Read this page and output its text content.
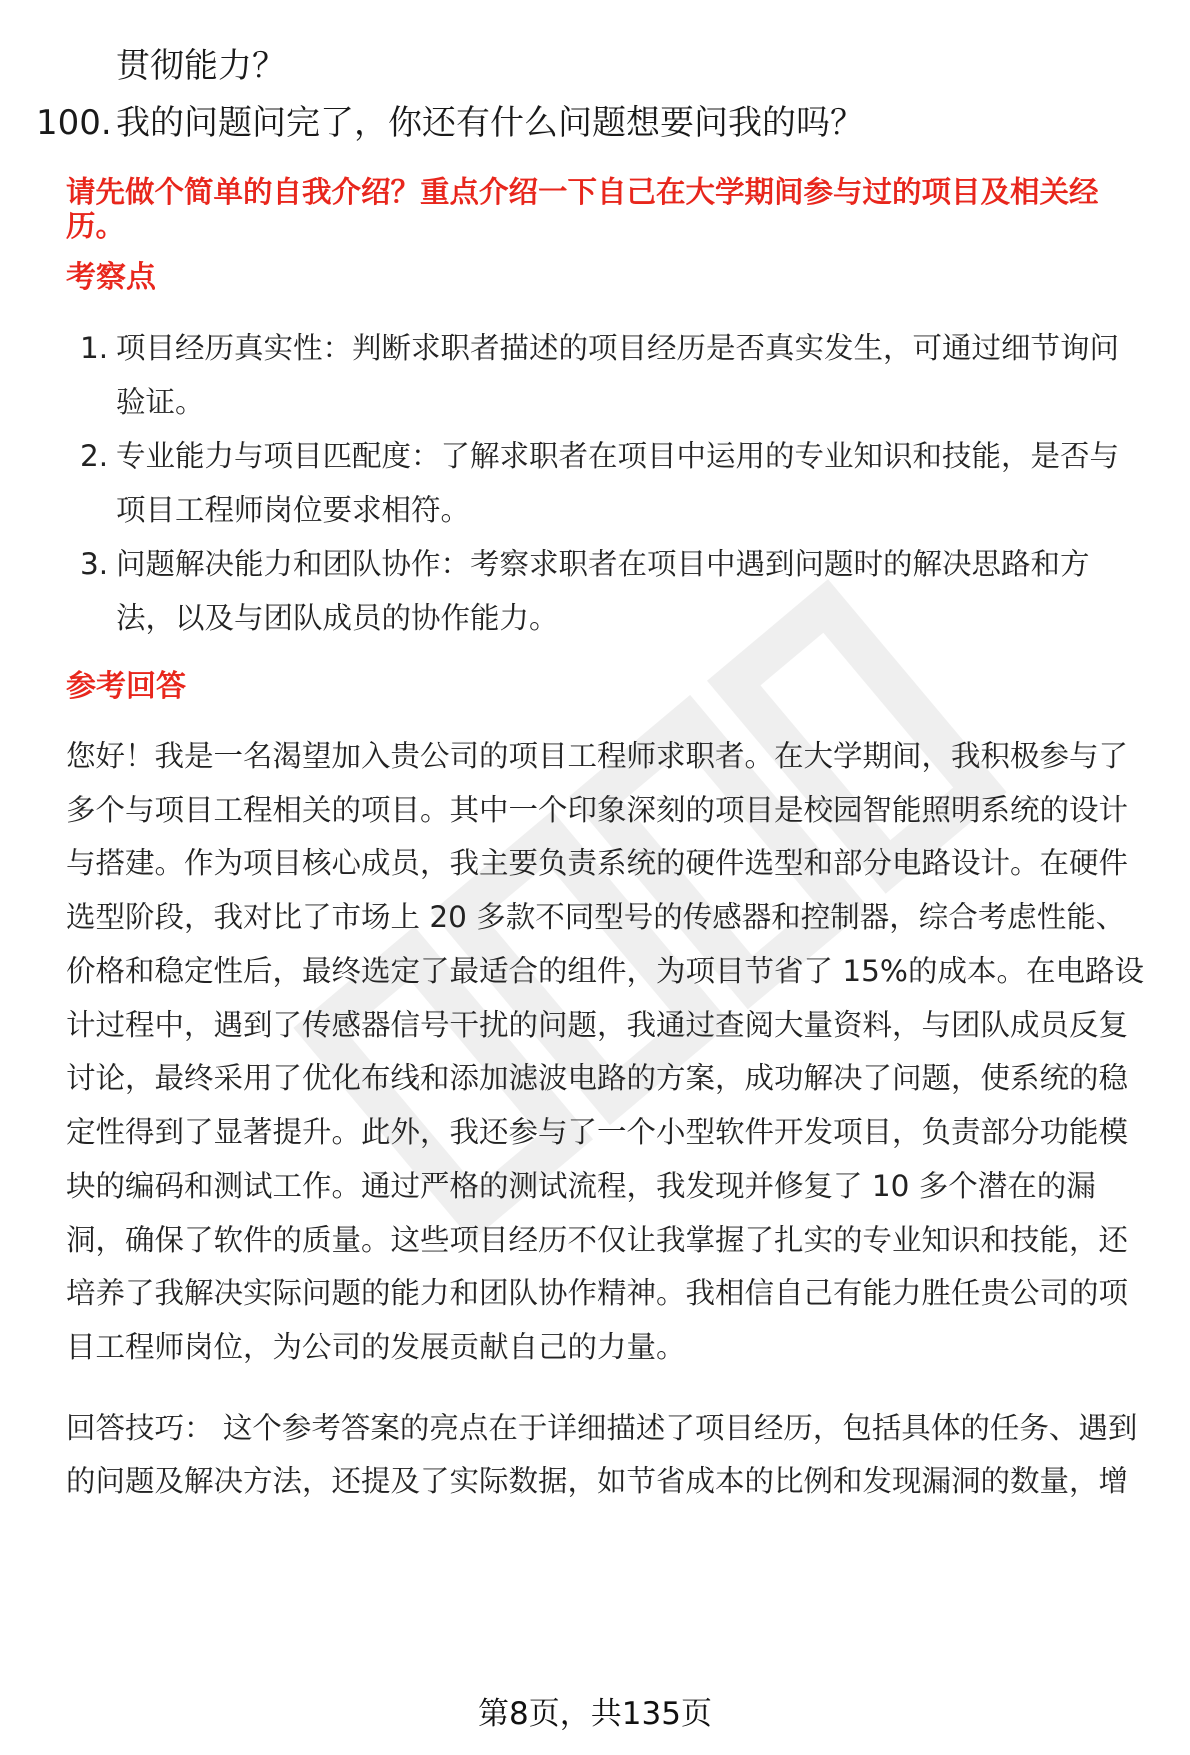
贯彻能力？
100. 我的问题问完了，你还有什么问题想要问我的吗？
请先做个简单的自我介绍？重点介绍一下自己在大学期间参与过的项目及相关经
历。
考察点
1. 项目经历真实性：判断求职者描述的项目经历是否真实发生，可通过细节询问
验证。
2. 专业能力与项目匹配度：了解求职者在项目中运用的专业知识和技能，是否与
项目工程师岗位要求相符。
3. 问题解决能力和团队协作：考察求职者在项目中遇到问题时的解决思路和方
法，以及与团队成员的协作能力。
参考回答
您好！我是一名渴望加入贵公司的项目工程师求职者。在大学期间，我积极参与了
多个与项目工程相关的项目。其中一个印象深刻的项目是校园智能照明系统的设计
与搭建。作为项目核心成员，我主要负责系统的硬件选型和部分电路设计。在硬件
选型阶段，我对比了市场上 20 多款不同型号的传感器和控制器，综合考虑性能、
价格和稳定性后，最终选定了最适合的组件，为项目节省了 15%的成本。在电路设
计过程中，遇到了传感器信号干扰的问题，我通过查阅大量资料，与团队成员反复
讨论，最终采用了优化布线和添加滤波电路的方案，成功解决了问题，使系统的稳
定性得到了显著提升。此外，我还参与了一个小型软件开发项目，负责部分功能模
块的编码和测试工作。通过严格的测试流程，我发现并修复了 10 多个潜在的漏
洞，确保了软件的质量。这些项目经历不仅让我掌握了扎实的专业知识和技能，还
培养了我解决实际问题的能力和团队协作精神。我相信自己有能力胜任贵公司的项
目工程师岗位，为公司的发展贡献自己的力量。
回答技巧： 这个参考答案的亮点在于详细描述了项目经历，包括具体的任务、遇到
的问题及解决方法，还提及了实际数据，如节省成本的比例和发现漏洞的数量，增
第8页，共135页
